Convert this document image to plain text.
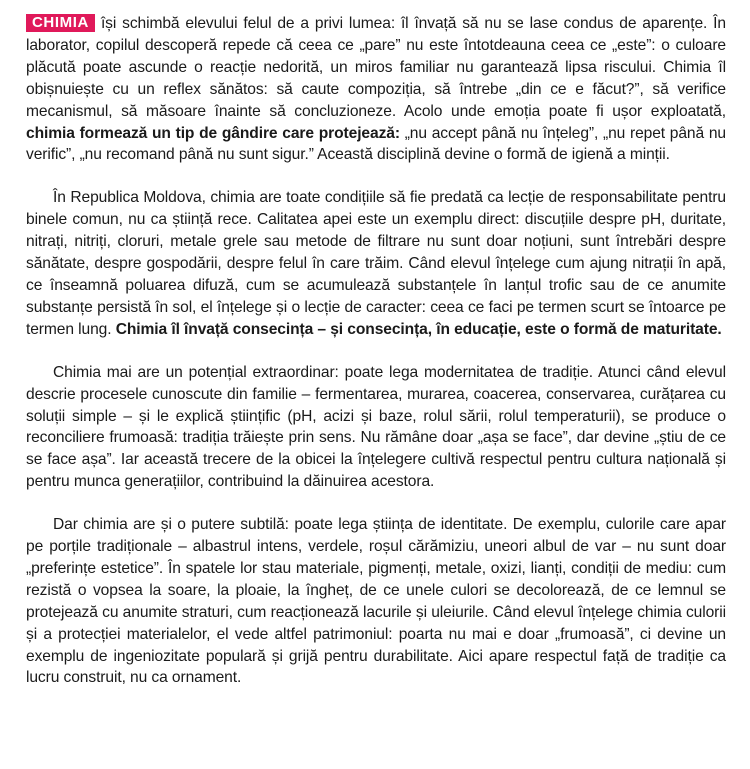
CHIMIA își schimbă elevului felul de a privi lumea: îl învață să nu se lase condus de aparențe. În laborator, copilul descoperă repede că ceea ce „pare” nu este întotdeauna ceea ce „este”: o culoare plăcută poate ascunde o reacție nedorită, un miros familiar nu garantează lipsa riscului. Chimia îl obișnuiește cu un reflex sănătos: să caute compoziția, să întrebe „din ce e făcut?”, să verifice mecanismul, să măsoare înainte să concluzioneze. Acolo unde emoția poate fi ușor exploatată, chimia formează un tip de gândire care protejează: „nu accept până nu înțeleg”, „nu repet până nu verific”, „nu recomand până nu sunt sigur.” Această disciplină devine o formă de igienă a minții.

În Republica Moldova, chimia are toate condițiile să fie predată ca lecție de responsabilitate pentru binele comun, nu ca știință rece. Calitatea apei este un exemplu direct: discuțiile despre pH, duritate, nitrați, nitriți, cloruri, metale grele sau metode de filtrare nu sunt doar noțiuni, sunt întrebări despre sănătate, despre gospodării, despre felul în care trăim. Când elevul înțelege cum ajung nitrații în apă, ce înseamnă poluarea difuză, cum se acumulează substanțele în lanțul trofic sau de ce anumite substanțe persistă în sol, el înțelege și o lecție de caracter: ceea ce faci pe termen scurt se întoarce pe termen lung. Chimia îl învață consecința – și consecința, în educație, este o formă de maturitate.

Chimia mai are un potențial extraordinar: poate lega modernitatea de tradiție. Atunci când elevul descrie procesele cunoscute din familie – fermentarea, murarea, coacerea, conservarea, curățarea cu soluții simple – și le explică științific (pH, acizi și baze, rolul sării, rolul temperaturii), se produce o reconciliere frumoasă: tradiția trăiește prin sens. Nu rămâne doar „așa se face”, dar devine „știu de ce se face așa”. Iar această trecere de la obicei la înțelegere cultivă respectul pentru cultura națională și pentru munca generațiilor, contribuind la dăinuirea acestora.

Dar chimia are și o putere subtilă: poate lega știința de identitate. De exemplu, culorile care apar pe porțile tradiționale – albastrul intens, verdele, roșul cărămiziu, uneori albul de var – nu sunt doar „preferințe estetice”. În spatele lor stau materiale, pigmenți, metale, oxizi, lianți, condiții de mediu: cum rezistă o vopsea la soare, la ploaie, la îngheț, de ce unele culori se decolorează, de ce lemnul se protejează cu anumite straturi, cum reacționează lacurile și uleiurile. Când elevul înțelege chimia culorii și a protecției materialelor, el vede altfel patrimoniul: poarta nu mai e doar „frumoasă”, ci devine un exemplu de ingeniozitate populară și grijă pentru durabilitate. Aici apare respectul față de tradiție ca lucru construit, nu ca ornament.
